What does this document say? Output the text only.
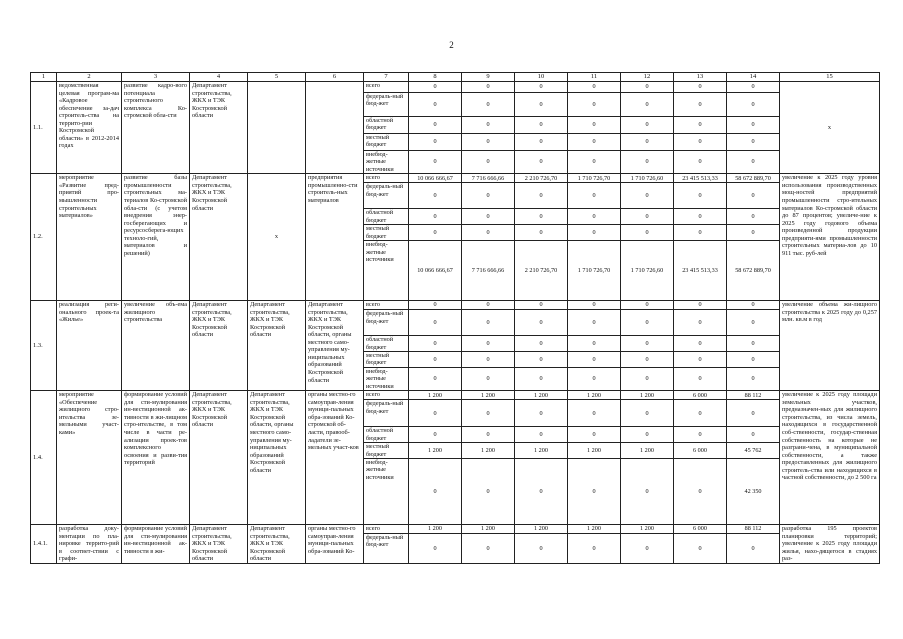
2
1	2	3	4	5	6	7	8	9	10	11	12	13	14	15
1.1.	ведомственная целевая програм-ма «Кадровое обеспечение за-дач строитель-ства на террито-рии Костромской области» в 2012-2014 годах	развитие кадро-вого потенциала строительного комплекса Ко-стромской обла-сти	Департамент строительства, ЖКХ и ТЭК Костромской области			всего	0	0	0	0	0	0	0	х
						федераль-ный бюд-жет	0	0	0	0	0	0	0	
						областной бюджет	0	0	0	0	0	0	0	
						местный бюджет	0	0	0	0	0	0	0	
						внебюд-жетные источники	0	0	0	0	0	0	0	
1.2.	мероприятие «Развитие пред-приятий про-мышленности строительных материалов»	развитие базы промышленности строительных ма-териалов Ко-стромской обла-сти (с учетом внедрения энер-госберегающих и ресурсосберега-ющих техноло-гий, материалов и решений)	Департамент строительства, ЖКХ и ТЭК Костромской области	х	предприятия промышленно-сти строитель-ных материалов	всего	10 066 666,67	7 716 666,66	2 210 726,70	1 710 726,70	1 710 726,60	23 415 513,33	58 672 889,70	увеличение к 2025 году уровня использования производственных мощ-ностей предприятий промышленности стро-ительных материалов Ко-стромской области до 87 процентов; увеличе-ние к 2025 году годового объема произведенной продукции предприяти-ями промышленности строительных материа-лов до 10 911 тыс. руб-лей
						федераль-ный бюд-жет	0	0	0	0	0	0	0	
						областной бюджет	0	0	0	0	0	0	0	
						местный бюджет	0	0	0	0	0	0	0	
						внебюд-жетные источники	10 066 666,67	7 716 666,66	2 210 726,70	1 710 726,70	1 710 726,60	23 415 513,33	58 672 889,70	
1.3.	реализация реги-онального проек-та «Жилье»	увеличение объ-ема жилищного строительства	Департамент строительства, ЖКХ и ТЭК Костромской области	Департамент строительства, ЖКХ и ТЭК Костромской области	Департамент строительства, ЖКХ и ТЭК Костромской области, органы местного само-управления му-ниципальных образований Костромской области	всего	0	0	0	0	0	0	0	увеличение объема жи-лищного строительства к 2025 году до 0,257 млн. кв.м в год
						федераль-ный бюд-жет	0	0	0	0	0	0	0	
						областной бюджет	0	0	0	0	0	0	0	
						местный бюджет	0	0	0	0	0	0	0	
						внебюд-жетные источники	0	0	0	0	0	0	0	
1.4.	мероприятие «Обеспечение жилищного стро-ительства зе-мельными участ-ками»	формирование условий для сти-мулирования ин-вестиционной ак-тивности в жи-лищном стро-ительстве, в том числе в части ре-ализации проек-тов комплексного освоения и разви-тия территорий	Департамент строительства, ЖКХ и ТЭК Костромской области	Департамент строительства, ЖКХ и ТЭК Костромской области, органы местного само-управления му-ниципальных образований Костромской области	органы местно-го самоуправ-ления муници-пальных обра-зований Ко-стромской об-ласти, правооб-ладатели зе-мельных участ-ков	всего	1 200	1 200	1 200	1 200	1 200	6 000	88 112	увеличение к 2025 году площади земельных участков, предназначен-ных для жилищного строительства, из числа земель, находящихся в государственной соб-ственности, государ-ственная собственность на которые не разграни-чена, в муниципальной собственности, а также предоставленных для жилищного строитель-ства или находящихся в частной собственности, до 2 500 га
						федераль-ный бюд-жет	0	0	0	0	0	0	0	
						областной бюджет	0	0	0	0	0	0	0	
						местный бюджет	1 200	1 200	1 200	1 200	1 200	6 000	45 762	
						внебюд-жетные источники	0	0	0	0	0	0	42 350	
1.4.1.	разработка доку-ментации по пла-нировке террито-рий в соответ-ствии с графи-	формирование условий для сти-мулирования ин-вестиционной ак-тивности в жи-	Департамент строительства, ЖКХ и ТЭК Костромской области	Департамент строительства, ЖКХ и ТЭК Костромской области	органы местно-го самоуправ-ления муници-пальных обра-зований Ко-	всего	1 200	1 200	1 200	1 200	1 200	6 000	88 112	разработка 195 проектов планировки территорий; увеличение к 2025 году площади жилья, нахо-дящегося в стадиях раз-
						федераль-ный бюд-жет	0	0	0	0	0	0	0	
